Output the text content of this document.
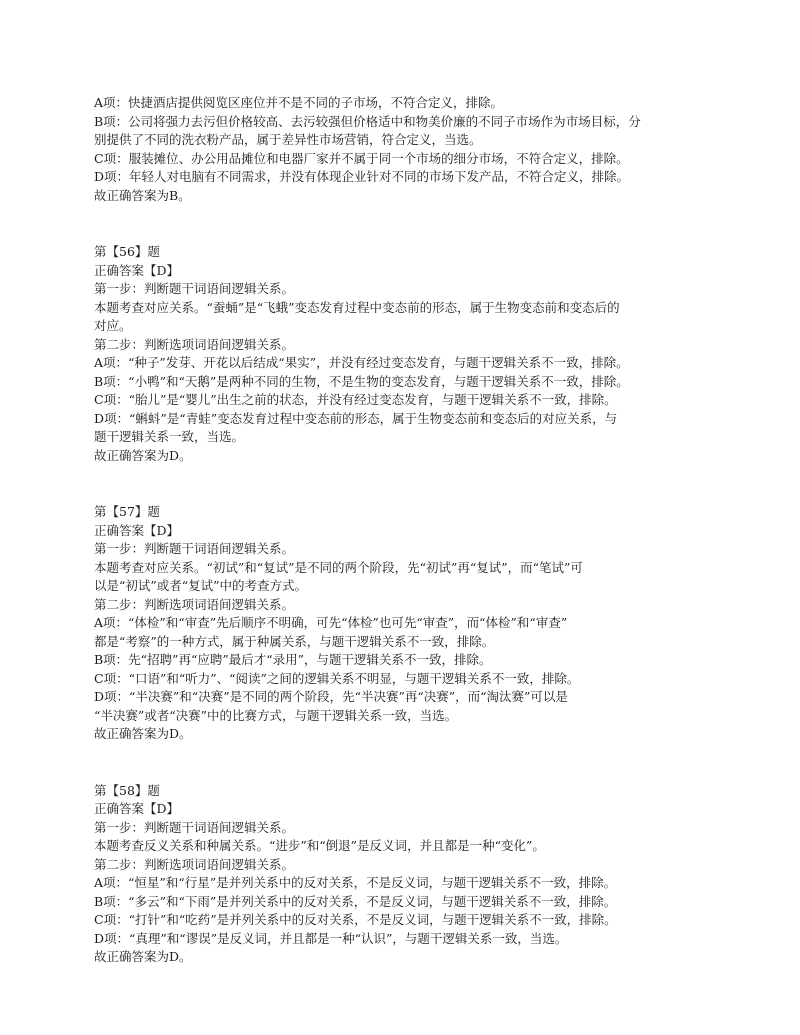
A项：快捷酒店提供阅览区座位并不是不同的子市场，不符合定义，排除。

B项：公司将强力去污但价格较高、去污较强但价格适中和物美价廉的不同子市场作为市场目标，分

别提供了不同的洗衣粉产品，属于差异性市场营销，符合定义，当选。

C项：服装摊位、办公用品摊位和电器厂家并不属于同一个市场的细分市场，不符合定义，排除。

D项：年轻人对电脑有不同需求，并没有体现企业针对不同的市场下发产品，不符合定义，排除。

故正确答案为B。

第【56】题

正确答案【D】

第一步：判断题干词语间逻辑关系。

本题考查对应关系。“蚕蛹”是“飞蛾”变态发育过程中变态前的形态，属于生物变态前和变态后的

对应。

第二步：判断选项词语间逻辑关系。

A项：“种子”发芽、开花以后结成“果实”，并没有经过变态发育，与题干逻辑关系不一致，排除。

B项：“小鸭”和“天鹅”是两种不同的生物，不是生物的变态发育，与题干逻辑关系不一致，排除。

C项：“胎儿”是“婴儿”出生之前的状态，并没有经过变态发育，与题干逻辑关系不一致，排除。

D项：“蝌蚪”是“青蛙”变态发育过程中变态前的形态，属于生物变态前和变态后的对应关系，与

题干逻辑关系一致，当选。

故正确答案为D。

第【57】题

正确答案【D】

第一步：判断题干词语间逻辑关系。

本题考查对应关系。“初试”和“复试”是不同的两个阶段，先“初试”再“复试”，而“笔试”可

以是“初试”或者“复试”中的考查方式。

第二步：判断选项词语间逻辑关系。

A项：“体检”和“审查”先后顺序不明确，可先“体检”也可先“审查”，而“体检”和“审查”

都是“考察”的一种方式，属于种属关系，与题干逻辑关系不一致，排除。

B项：先“招聘”再“应聘”最后才“录用”，与题干逻辑关系不一致，排除。

C项：“口语”和“听力”、“阅读”之间的逻辑关系不明显，与题干逻辑关系不一致，排除。

D项：“半决赛”和“决赛”是不同的两个阶段，先“半决赛”再“决赛”，而“淘汰赛”可以是

“半决赛”或者“决赛”中的比赛方式，与题干逻辑关系一致，当选。

故正确答案为D。

第【58】题

正确答案【D】

第一步：判断题干词语间逻辑关系。

本题考查反义关系和种属关系。“进步”和“倒退”是反义词，并且都是一种“变化”。

第二步：判断选项词语间逻辑关系。

A项：“恒星”和“行星”是并列关系中的反对关系，不是反义词，与题干逻辑关系不一致，排除。

B项：“多云”和“下雨”是并列关系中的反对关系，不是反义词，与题干逻辑关系不一致，排除。

C项：“打针”和“吃药”是并列关系中的反对关系，不是反义词，与题干逻辑关系不一致，排除。

D项：“真理”和“谬误”是反义词，并且都是一种“认识”，与题干逻辑关系一致，当选。

故正确答案为D。
